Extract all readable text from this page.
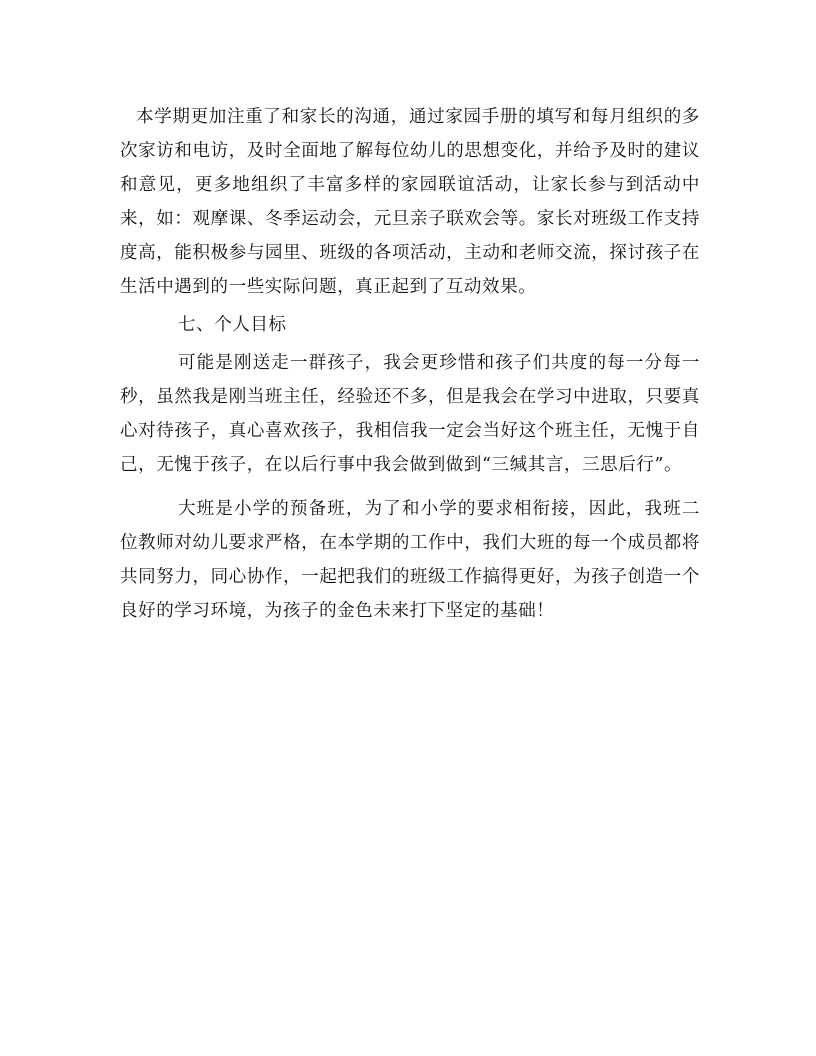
本学期更加注重了和家长的沟通，通过家园手册的填写和每月组织的多次家访和电访，及时全面地了解每位幼儿的思想变化，并给予及时的建议和意见，更多地组织了丰富多样的家园联谊活动，让家长参与到活动中来，如：观摩课、冬季运动会，元旦亲子联欢会等。家长对班级工作支持度高，能积极参与园里、班级的各项活动，主动和老师交流，探讨孩子在生活中遇到的一些实际问题，真正起到了互动效果。

七、个人目标

可能是刚送走一群孩子，我会更珍惜和孩子们共度的每一分每一秒，虽然我是刚当班主任，经验还不多，但是我会在学习中进取，只要真心对待孩子，真心喜欢孩子，我相信我一定会当好这个班主任，无愧于自己，无愧于孩子，在以后行事中我会做到做到“三缄其言，三思后行”。

大班是小学的预备班，为了和小学的要求相衔接，因此，我班二位教师对幼儿要求严格，在本学期的工作中，我们大班的每一个成员都将共同努力，同心协作，一起把我们的班级工作搞得更好，为孩子创造一个良好的学习环境，为孩子的金色未来打下坚定的基础！
